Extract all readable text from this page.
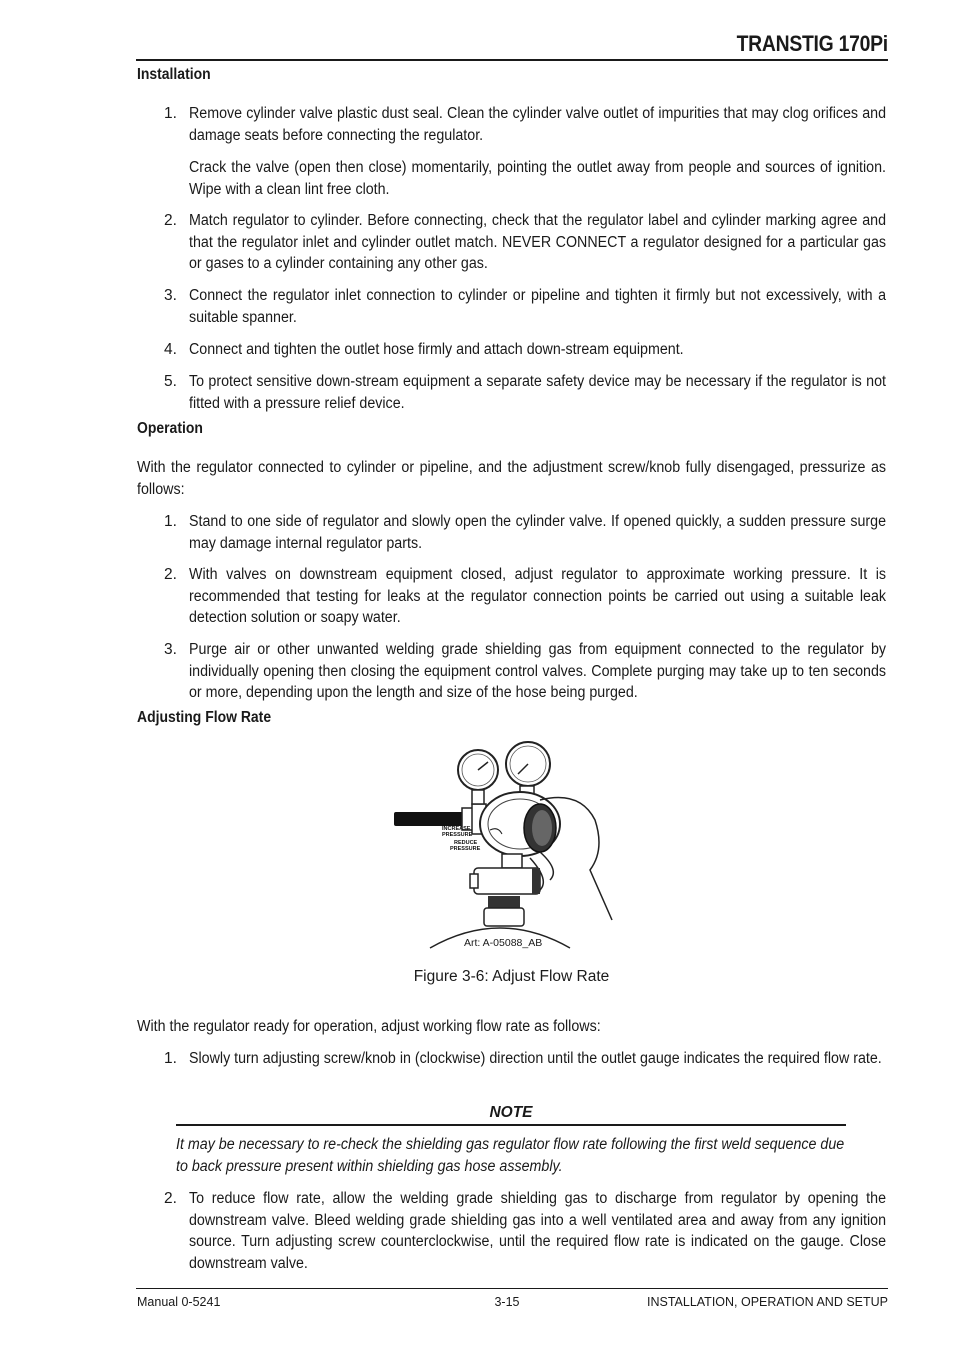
TRANSTIG 170Pi
Installation
1. Remove cylinder valve plastic dust seal. Clean the cylinder valve outlet of impurities that may clog orifices and damage seats before connecting the regulator.
Crack the valve (open then close) momentarily, pointing the outlet away from people and sources of ignition. Wipe with a clean lint free cloth.
2. Match regulator to cylinder. Before connecting, check that the regulator label and cylinder marking agree and that the regulator inlet and cylinder outlet match. NEVER CONNECT a regulator designed for a particular gas or gases to a cylinder containing any other gas.
3. Connect the regulator inlet connection to cylinder or pipeline and tighten it firmly but not excessively, with a suitable spanner.
4. Connect and tighten the outlet hose firmly and attach down-stream equipment.
5. To protect sensitive down-stream equipment a separate safety device may be necessary if the regulator is not fitted with a pressure relief device.
Operation
With the regulator connected to cylinder or pipeline, and the adjustment screw/knob fully disengaged, pressurize as follows:
1. Stand to one side of regulator and slowly open the cylinder valve. If opened quickly, a sudden pressure surge may damage internal regulator parts.
2. With valves on downstream equipment closed, adjust regulator to approximate working pressure. It is recommended that testing for leaks at the regulator connection points be carried out using a suitable leak detection solution or soapy water.
3. Purge air or other unwanted welding grade shielding gas from equipment connected to the regulator by individually opening then closing the equipment control valves. Complete purging may take up to ten seconds or more, depending upon the length and size of the hose being purged.
Adjusting Flow Rate
INCREASE
PRESSURE
REDUCE
PRESSURE
Art: A-05088_AB
Figure 3-6: Adjust Flow Rate
With the regulator ready for operation, adjust working flow rate as follows:
1. Slowly turn adjusting screw/knob in (clockwise) direction until the outlet gauge indicates the required flow rate.
NOTE
It may be necessary to re-check the shielding gas regulator flow rate following the first weld sequence due to back pressure present within shielding gas hose assembly.
2. To reduce flow rate, allow the welding grade shielding gas to discharge from regulator by opening the downstream valve. Bleed welding grade shielding gas into a well ventilated area and away from any ignition source. Turn adjusting screw counterclockwise, until the required flow rate is indicated on the gauge. Close downstream valve.
Manual 0-5241	3-15	INSTALLATION, OPERATION AND SETUP
